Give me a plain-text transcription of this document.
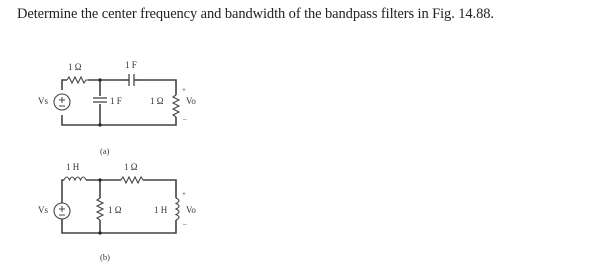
Determine the center frequency and bandwidth of the bandpass filters in Fig. 14.88.
1 Ω	1 F
1 F	1 Ω
Vs	Vo
+
–
(a)
1 H	1 Ω
1 Ω	1 H
Vs	Vo
+
–
(b)
